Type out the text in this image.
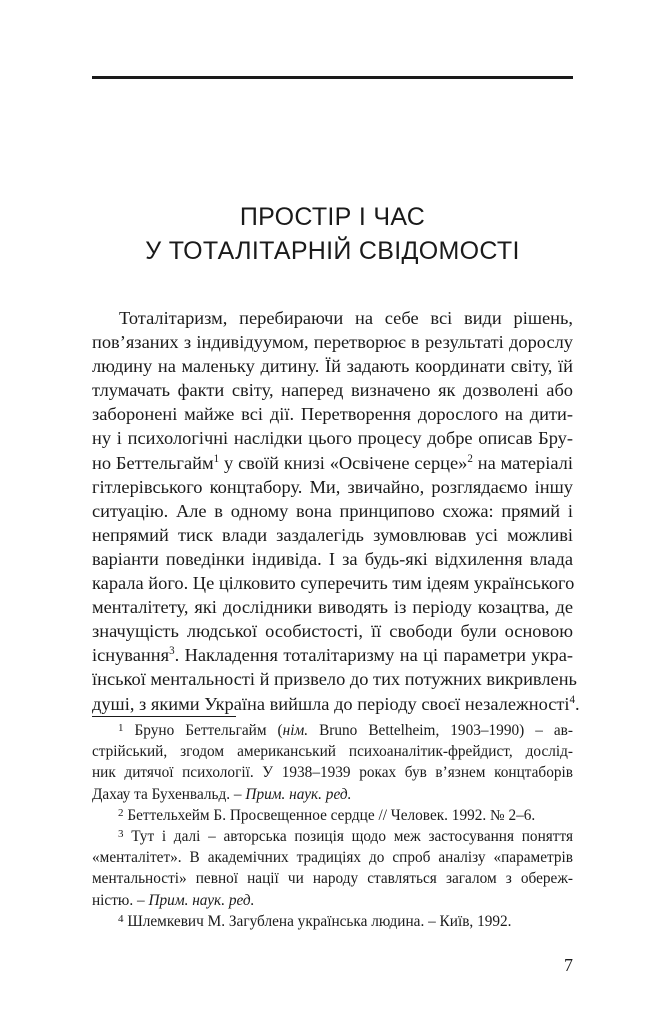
ПРОСТІР І ЧАС
У ТОТАЛІТАРНІЙ СВІДОМОСТІ
Тоталітаризм, перебираючи на себе всі види рішень,
пов’язаних з індивідуумом, перетворює в результаті дорослу
людину на маленьку дитину. Їй задають координати світу, їй
тлумачать факти світу, наперед визначено як дозволені або
заборонені майже всі дії. Перетворення дорослого на дити-
ну і психологічні наслідки цього процесу добре описав Бру-
но Беттельгайм$^1$ у своїй книзі «Освічене серце»$^2$ на матеріалі
гітлерівського концтабору. Ми, звичайно, розглядаємо іншу
ситуацію. Але в одному вона принципово схожа: прямий і
непрямий тиск влади заздалегідь зумовлював усі можливі
варіанти поведінки індивіда. І за будь-які відхилення влада
карала його. Це цілковито суперечить тим ідеям українського
менталітету, які дослідники виводять із періоду козацтва, де
значущість людської особистості, її свободи були основою
існування$^3$. Накладення тоталітаризму на ці параметри укра-
їнської ментальності й призвело до тих потужних викривлень
душі, з якими Україна вийшла до періоду своєї незалежності$^4$.
$^1$ Бруно Беттельгайм (нім. Bruno Bettelheim, 1903–1990) – ав-
стрійський, згодом американський психоаналітик-фрейдист, дослід-
ник дитячої психології. У 1938–1939 роках був в’язнем концтаборів
Дахау та Бухенвальд. – Прим. наук. ред.
$^2$ Беттельхейм Б. Просвещенное сердце // Человек. 1992. № 2–6.
$^3$ Тут і далі – авторська позиція щодо меж застосування поняття
«менталітет». В академічних традиціях до спроб аналізу «параметрів
ментальності» певної нації чи народу ставляться загалом з обереж-
ністю. – Прим. наук. ред.
$^4$ Шлемкевич М. Загублена українська людина. – Київ, 1992.
7
